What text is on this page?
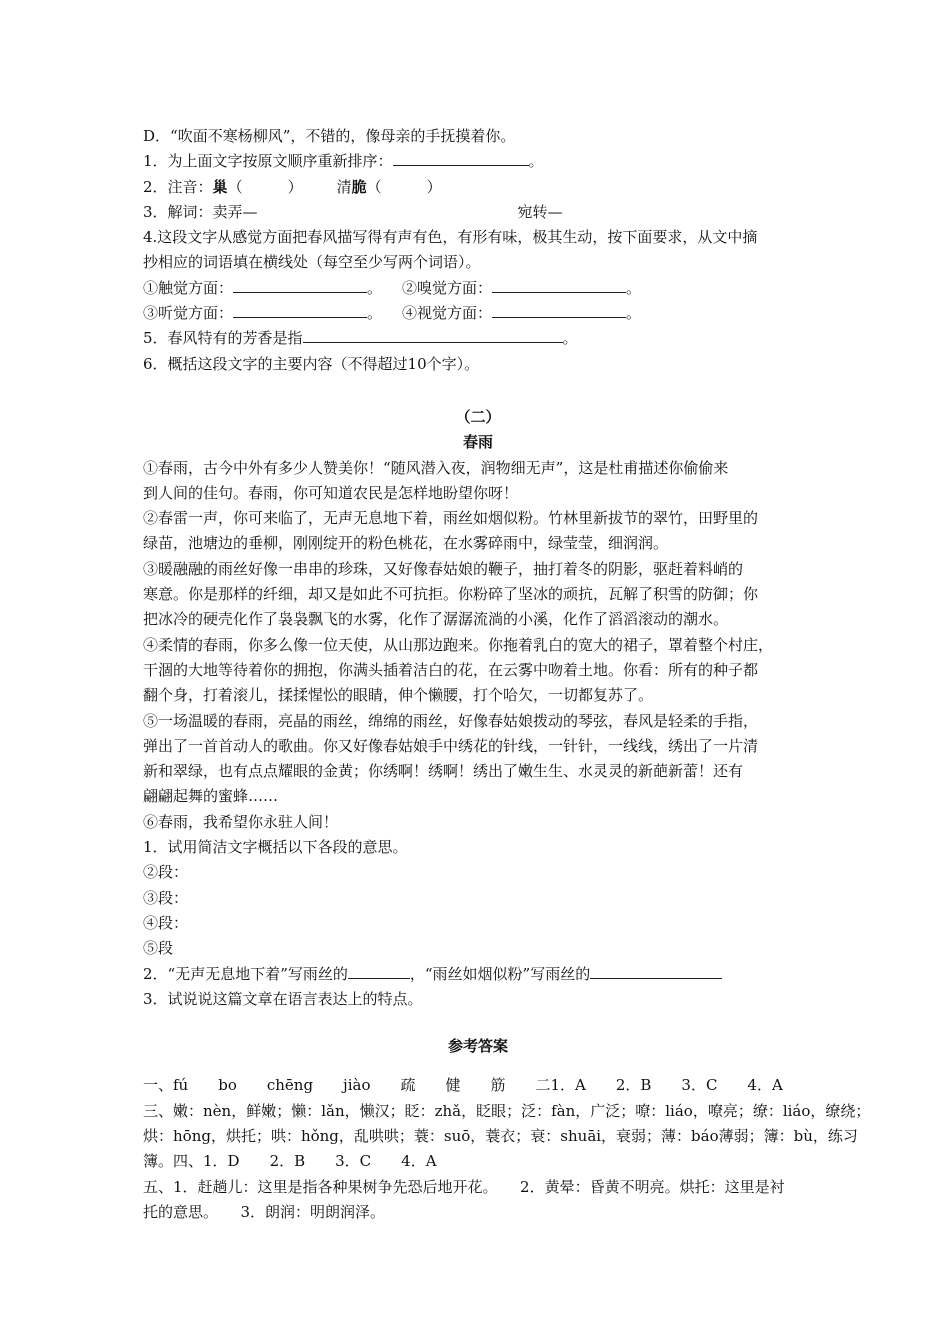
D．“吹面不寒杨柳风”，不错的，像母亲的手抚摸着你。
1．为上面文字按原文顺序重新排序：	。
2．注音：巢（　　　） 清脆（　　　）
3．解词：卖弄—	宛转—
4.这段文字从感觉方面把春风描写得有声有色，有形有味，极其生动，按下面要求，从文中摘
抄相应的词语填在横线处（每空至少写两个词语）。
①触觉方面：	。 ②嗅觉方面：	。
③听觉方面：	。 ④视觉方面：	。
5．春风特有的芳香是指	。
6．概括这段文字的主要内容（不得超过10个字）。
（二）
春雨
①春雨，古今中外有多少人赞美你！“随风潜入夜，润物细无声”，这是杜甫描述你偷偷来
到人间的佳句。春雨，你可知道农民是怎样地盼望你呀！
②春雷一声，你可来临了，无声无息地下着，雨丝如烟似粉。竹林里新拔节的翠竹，田野里的
绿苗，池塘边的垂柳，刚刚绽开的粉色桃花，在水雾碎雨中，绿莹莹，细润润。
③暖融融的雨丝好像一串串的珍珠，又好像春姑娘的鞭子，抽打着冬的阴影，驱赶着料峭的
寒意。你是那样的纤细，却又是如此不可抗拒。你粉碎了坚冰的顽抗，瓦解了积雪的防御；你
把冰冷的硬壳化作了袅袅飘飞的水雾，化作了潺潺流淌的小溪，化作了滔滔滚动的潮水。
④柔情的春雨，你多么像一位天使，从山那边跑来。你拖着乳白的宽大的裙子，罩着整个村庄，
干涸的大地等待着你的拥抱，你满头插着洁白的花，在云雾中吻着土地。你看：所有的种子都
翻个身，打着滚儿，揉揉惺忪的眼睛，伸个懒腰，打个哈欠，一切都复苏了。
⑤一场温暖的春雨，亮晶的雨丝，绵绵的雨丝，好像春姑娘拨动的琴弦，春风是轻柔的手指，
弹出了一首首动人的歌曲。你又好像春姑娘手中绣花的针线，一针针，一线线，绣出了一片清
新和翠绿，也有点点耀眼的金黄；你绣啊！绣啊！绣出了嫩生生、水灵灵的新葩新蕾！还有
翩翩起舞的蜜蜂……
⑥春雨，我希望你永驻人间！
1．试用简洁文字概括以下各段的意思。
②段：
③段：
④段：
⑤段
2．“无声无息地下着”写雨丝的	，“雨丝如烟似粉”写雨丝的
3．试说说这篇文章在语言表达上的特点。
参考答案
一、fú　　bo　　chēng　　jiào　　疏　　健　　筋　　二1．A　　2．B　　3．C　　4．A
三、嫩：nèn，鲜嫩；懒：lǎn，懒汉；眨：zhǎ，眨眼；泛：fàn，广泛；嘹：liáo，嘹亮；缭：liáo，缭绕；
烘：hōng，烘托；哄：hǒng，乱哄哄；蓑：suō，蓑衣；衰：shuāi，衰弱；薄：báo薄弱；簿：bù，练习
簿。四、1．D　　2．B　　3．C　　4．A
五、1．赶趟儿：这里是指各种果树争先恐后地开花。　　2．黄晕：昏黄不明亮。烘托：这里是衬
托的意思。　　3．朗润：明朗润泽。
